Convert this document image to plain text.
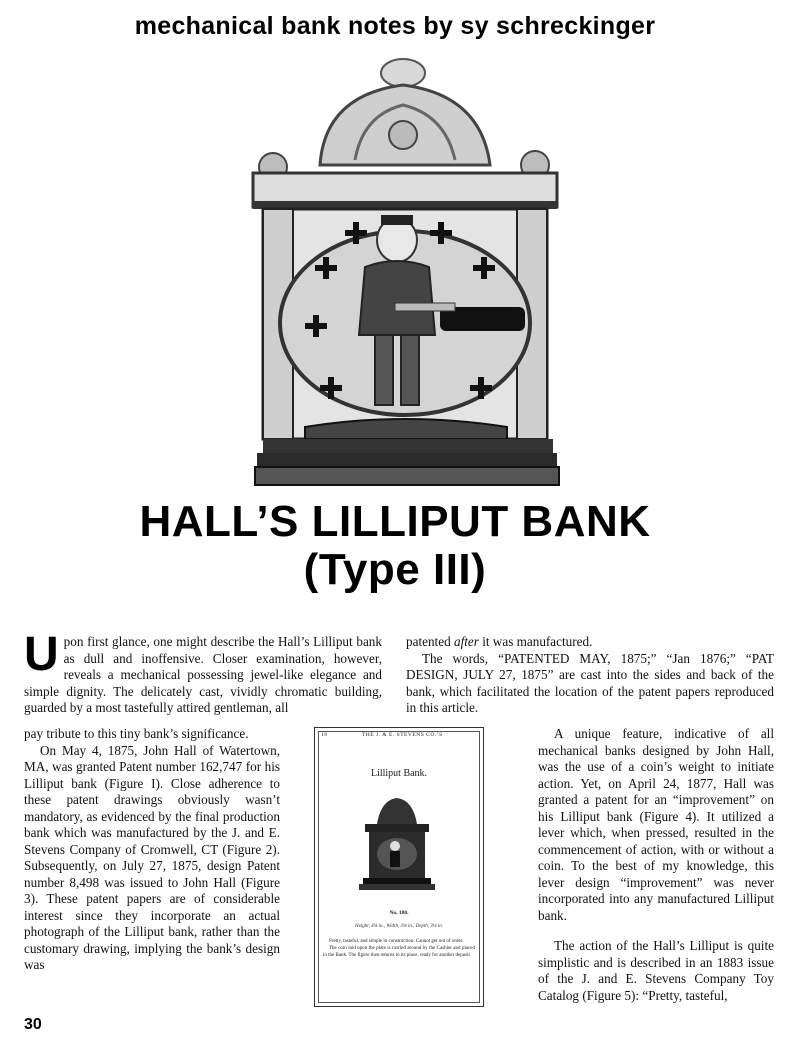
mechanical bank notes by sy schreckinger
HALL’S LILLIPUT BANK
(Type III)

Upon first glance, one might describe the Hall’s Lilliput bank as dull and inoffensive. Closer examination, however, reveals a mechanical possessing jewel-like elegance and simple dignity. The delicately cast, vividly chromatic building, guarded by a most tastefully attired gentleman, all

patented after it was manufactured.

The words, “PATENTED MAY, 1875;” “Jan 1876;” “PAT DESIGN, JULY 27, 1875” are cast into the sides and back of the bank, which facilitated the location of the patent papers reproduced in this article.

pay tribute to this tiny bank’s significance.

On May 4, 1875, John Hall of Watertown, MA, was granted Patent number 162,747 for his Lilliput bank (Figure I). Close adherence to these patent drawings obviously wasn’t mandatory, as evidenced by the final production bank which was manufactured by the J. and E. Stevens Company of Cromwell, CT (Figure 2). Subsequently, on July 27, 1875, design Patent number 8,498 was issued to John Hall (Figure 3). These patent papers are of considerable interest since they incorporate an actual photograph of the Lilliput bank, rather than the customary drawing, implying the bank’s design was

18	THE J. & E. STEVENS CO.’S
Lilliput Bank.
No. 180.
Height, 4⅝ in., Width, 3⅝ in., Depth, 3⅛ in.

Pretty, tasteful, and simple in construction. Cannot get out of order.

The coin laid upon the plate is carried around by the Cashier and placed in the Bank. The figure then returns to its place, ready for another deposit.

A unique feature, indicative of all mechanical banks designed by John Hall, was the use of a coin’s weight to initiate action. Yet, on April 24, 1877, Hall was granted a patent for an “improvement” on his Lilliput bank (Figure 4). It utilized a lever which, when pressed, resulted in the commencement of action, with or without a coin. To the best of my knowledge, this lever design “improvement” was never incorporated into any manufactured Lilliput bank.

The action of the Hall’s Lilliput is quite simplistic and is described in an 1883 issue of the J. and E. Stevens Company Toy Catalog (Figure 5): “Pretty, tasteful,

30
